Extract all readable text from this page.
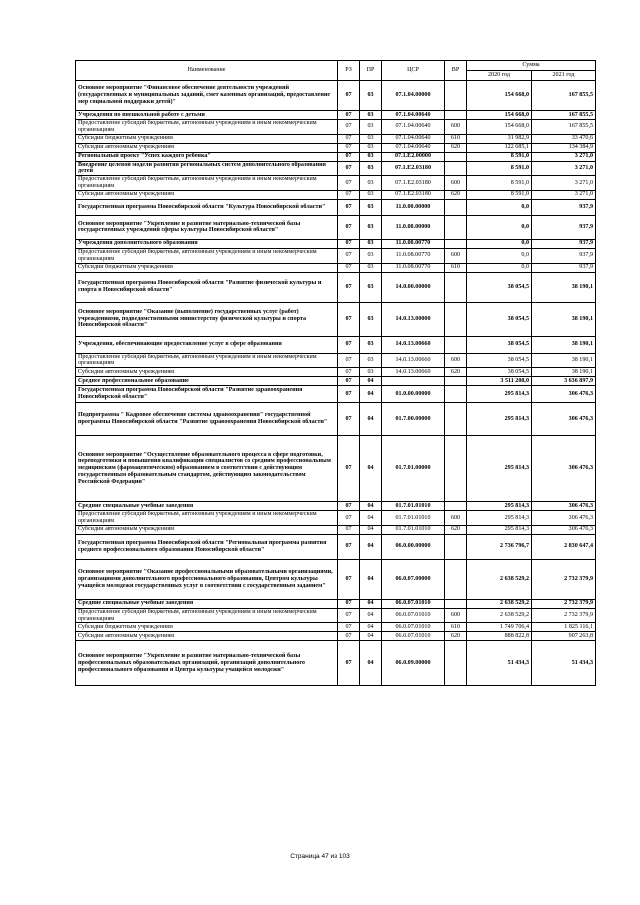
Наименование	РЗ	ПР	ЦСР	ВР	Сумма	
					2020 год	2021 год
Основное мероприятие "Финансовое обеспечение деятельности учреждений (государственных и муниципальных заданий, смет казенных организаций, предоставление мер социальной поддержки детей)"	07	03	07.1.04.00000		154 668,0	167 855,5
Учреждения по внешкольной работе с детьми	07	03	07.1.04.00640		154 668,0	167 855,5
Предоставление субсидий бюджетным, автономным учреждениям и иным некоммерческим организациям	07	03	07.1.04.00640	600	154 668,0	167 855,5
Субсидии бюджетным учреждениям	07	03	07.1.04.00640	610	31 982,9	33 470,6
Субсидии автономным учреждениям	07	03	07.1.04.00640	620	122 685,1	134 384,9
Региональный проект "Успех каждого ребенка"	07	03	07.1.E2.00000		8 591,0	3 271,0
Внедрение целевой модели развития региональных систем дополнительного образования детей	07	03	07.1.E2.03180		8 591,0	3 271,0
Предоставление субсидий бюджетным, автономным учреждениям и иным некоммерческим организациям	07	03	07.1.E2.03180	600	8 591,0	3 271,0
Субсидии автономным учреждениям	07	03	07.1.E2.03180	620	8 591,0	3 271,0
Государственная программа Новосибирской области "Культура Новосибирской области"	07	03	11.0.00.00000		0,0	937,9
Основное мероприятие "Укрепление и развитие материально-технической базы государственных учреждений сферы культуры Новосибирской области"	07	03	11.0.08.00000		0,0	937,9
Учреждения дополнительного образования	07	03	11.0.08.00770		0,0	937,9
Предоставление субсидий бюджетным, автономным учреждениям и иным некоммерческим организациям	07	03	11.0.08.00770	600	0,0	937,9
Субсидии бюджетным учреждениям	07	03	11.0.08.00770	610	0,0	937,9
Государственная программа Новосибирской области "Развитие физической культуры и спорта в Новосибирской области"	07	03	14.0.00.00000		38 054,5	38 190,1
Основное мероприятие "Оказание (выполнение) государственных услуг (работ) учреждениями, подведомственными министерству физической культуры и спорта Новосибирской области"	07	03	14.0.13.00000		38 054,5	38 190,1
Учреждения, обеспечивающие предоставление услуг в сфере образования	07	03	14.0.13.00660		38 054,5	38 190,1
Предоставление субсидий бюджетным, автономным учреждениям и иным некоммерческим организациям	07	03	14.0.13.00660	600	38 054,5	38 190,1
Субсидии автономным учреждениям	07	03	14.0.13.00660	620	38 054,5	38 190,1
Среднее профессиональное образование	07	04			3 511 208,0	3 636 897,9
Государственная программа Новосибирской области "Развитие здравоохранения Новосибирской области"	07	04	01.0.00.00000		295 814,3	306 476,3
Подпрограмма " Кадровое обеспечение системы здравоохранения" государственной программы Новосибирской области "Развитие здравоохранения Новосибирской области"	07	04	01.7.00.00000		295 814,3	306 476,3
Основное мероприятие "Осуществление образовательного процесса в сфере подготовки, переподготовки и повышения квалификации специалистов со средним профессиональным медицинским (фармацевтическим) образованием в соответствии с действующим государственным образовательным стандартом, действующим законодательством Российской Федерации"	07	04	01.7.01.00000		295 814,3	306 476,3
Средние специальные учебные заведения	07	04	01.7.01.01010		295 814,3	306 476,3
Предоставление субсидий бюджетным, автономным учреждениям и иным некоммерческим организациям	07	04	01.7.01.01010	600	295 814,3	306 476,3
Субсидии автономным учреждениям	07	04	01.7.01.01010	620	295 814,3	306 476,3
Государственная программа Новосибирской области "Региональная программа развития среднего профессионального образования Новосибирской области"	07	04	06.0.00.00000		2 736 796,7	2 830 647,4
Основное мероприятие "Оказание профессиональными образовательными организациями, организациями дополнительного профессионального образования, Центром культуры учащейся молодежи государственных услуг в соответствии с государственным заданием"	07	04	06.0.07.00000		2 638 529,2	2 732 379,9
Средние специальные учебные заведения	07	04	06.0.07.01010		2 638 529,2	2 732 379,9
Предоставление субсидий бюджетным, автономным учреждениям и иным некоммерческим организациям	07	04	06.0.07.01010	600	2 638 529,2	2 732 379,9
Субсидии бюджетным учреждениям	07	04	06.0.07.01010	610	1 749 706,4	1 825 116,1
Субсидии автономным учреждениям	07	04	06.0.07.01010	620	888 822,8	907 263,8
Основное мероприятие "Укрепление и развитие материально-технической базы профессиональных образовательных организаций, организаций дополнительного профессионального образования и Центра культуры учащейся молодежи"	07	04	06.0.09.00000		51 434,3	51 434,3
Страница 47 из 103
